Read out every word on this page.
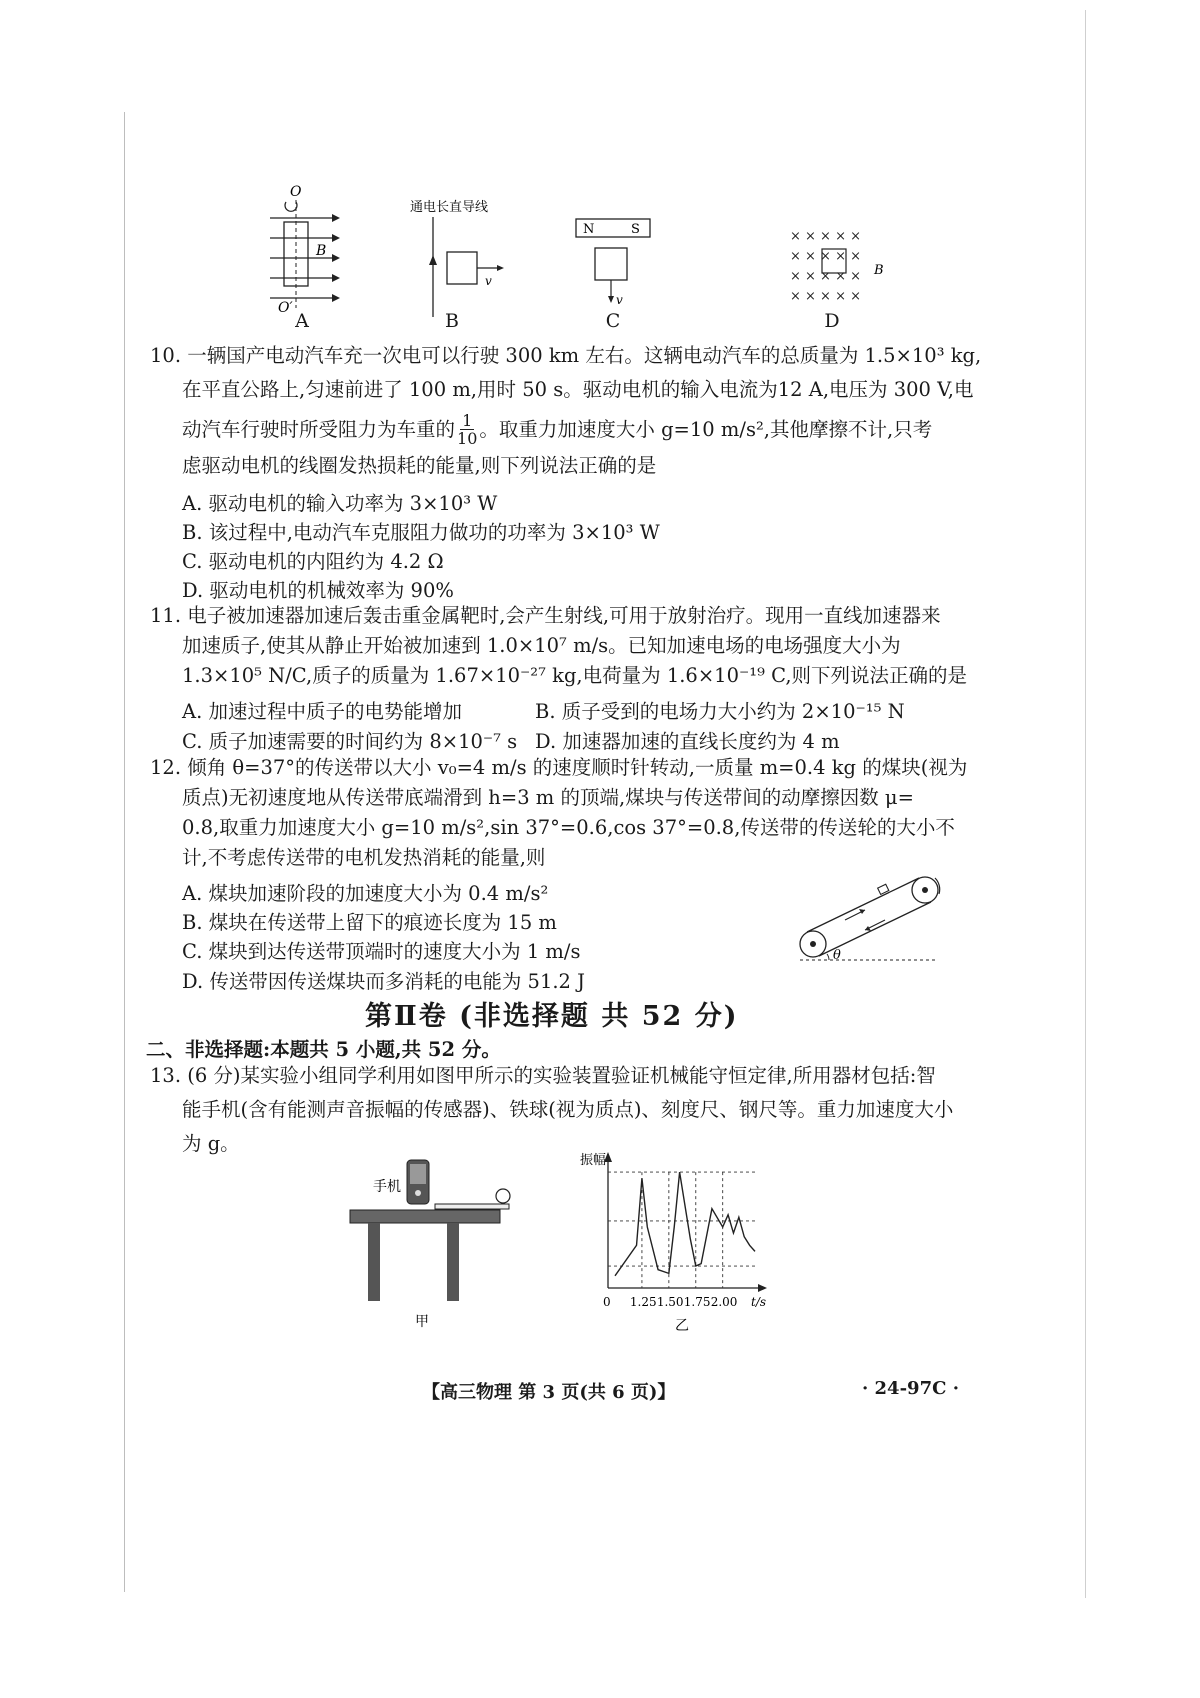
O
B
O′
A
通电长直导线
v
B
N	S
v
C
× × × × ×
× × × × ×
× × × × ×
× × × × ×
B
D
10. 一辆国产电动汽车充一次电可以行驶 300 km 左右。这辆电动汽车的总质量为 1.5×10³ kg,
在平直公路上,匀速前进了 100 m,用时 50 s。驱动电机的输入电流为12 A,电压为 300 V,电
动汽车行驶时所受阻力为车重的 $\frac{1}{10}$ 。取重力加速度大小 g=10 m/s²,其他摩擦不计,只考
虑驱动电机的线圈发热损耗的能量,则下列说法正确的是
A. 驱动电机的输入功率为 3×10³ W
B. 该过程中,电动汽车克服阻力做功的功率为 3×10³ W
C. 驱动电机的内阻约为 4.2 Ω
D. 驱动电机的机械效率为 90%
11. 电子被加速器加速后轰击重金属靶时,会产生射线,可用于放射治疗。现用一直线加速器来
加速质子,使其从静止开始被加速到 1.0×10⁷ m/s。已知加速电场的电场强度大小为
1.3×10⁵ N/C,质子的质量为 1.67×10⁻²⁷ kg,电荷量为 1.6×10⁻¹⁹ C,则下列说法正确的是
A. 加速过程中质子的电势能增加	B. 质子受到的电场力大小约为 2×10⁻¹⁵ N
C. 质子加速需要的时间约为 8×10⁻⁷ s D. 加速器加速的直线长度约为 4 m
12. 倾角 θ=37°的传送带以大小 v₀=4 m/s 的速度顺时针转动,一质量 m=0.4 kg 的煤块(视为
质点)无初速度地从传送带底端滑到 h=3 m 的顶端,煤块与传送带间的动摩擦因数 μ=
0.8,取重力加速度大小 g=10 m/s²,sin 37°=0.6,cos 37°=0.8,传送带的传送轮的大小不
计,不考虑传送带的电机发热消耗的能量,则
A. 煤块加速阶段的加速度大小为 0.4 m/s²
B. 煤块在传送带上留下的痕迹长度为 15 m
C. 煤块到达传送带顶端时的速度大小为 1 m/s
D. 传送带因传送煤块而多消耗的电能为 51.2 J
θ
第Ⅱ卷 (非选择题 共 52 分)
二、非选择题:本题共 5 小题,共 52 分。
13. (6 分)某实验小组同学利用如图甲所示的实验装置验证机械能守恒定律,所用器材包括:智
能手机(含有能测声音振幅的传感器)、铁球(视为质点)、刻度尺、钢尺等。重力加速度大小
为 g。
手机
甲
振幅
0 1.25 1.50 1.75 2.00 t/s
乙
【高三物理 第 3 页(共 6 页)】	· 24-97C ·
